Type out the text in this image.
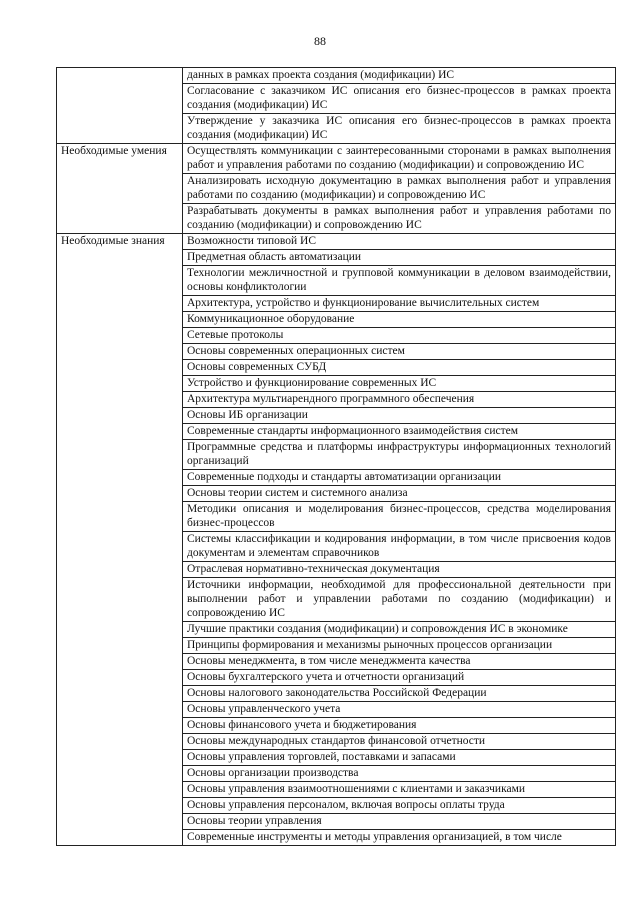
88
	данных в рамках проекта создания (модификации) ИС
	Согласование с заказчиком ИС описания его бизнес-процессов в рамках проекта создания (модификации) ИС
	Утверждение у заказчика ИС описания его бизнес-процессов в рамках проекта создания (модификации) ИС
Необходимые умения	Осуществлять коммуникации с заинтересованными сторонами в рамках выполнения работ и управления работами по созданию (модификации) и сопровождению ИС
	Анализировать исходную документацию в рамках выполнения работ и управления работами по созданию (модификации) и сопровождению ИС
	Разрабатывать документы в рамках выполнения работ и управления работами по созданию (модификации) и сопровождению ИС
Необходимые знания	Возможности типовой ИС
	Предметная область автоматизации
	Технологии межличностной и групповой коммуникации в деловом взаимодействии, основы конфликтологии
	Архитектура, устройство и функционирование вычислительных систем
	Коммуникационное оборудование
	Сетевые протоколы
	Основы современных операционных систем
	Основы современных СУБД
	Устройство и функционирование современных ИС
	Архитектура мультиарендного программного обеспечения
	Основы ИБ организации
	Современные стандарты информационного взаимодействия систем
	Программные средства и платформы инфраструктуры информационных технологий организаций
	Современные подходы и стандарты автоматизации организации
	Основы теории систем и системного анализа
	Методики описания и моделирования бизнес-процессов, средства моделирования бизнес-процессов
	Системы классификации и кодирования информации, в том числе присвоения кодов документам и элементам справочников
	Отраслевая нормативно-техническая документация
	Источники информации, необходимой для профессиональной деятельности при выполнении работ и управлении работами по созданию (модификации) и сопровождению ИС
	Лучшие практики создания (модификации) и сопровождения ИС в экономике
	Принципы формирования и механизмы рыночных процессов организации
	Основы менеджмента, в том числе менеджмента качества
	Основы бухгалтерского учета и отчетности организаций
	Основы налогового законодательства Российской Федерации
	Основы управленческого учета
	Основы финансового учета и бюджетирования
	Основы международных стандартов финансовой отчетности
	Основы управления торговлей, поставками и запасами
	Основы организации производства
	Основы управления взаимоотношениями с клиентами и заказчиками
	Основы управления персоналом, включая вопросы оплаты труда
	Основы теории управления
	Современные инструменты и методы управления организацией, в том числе
